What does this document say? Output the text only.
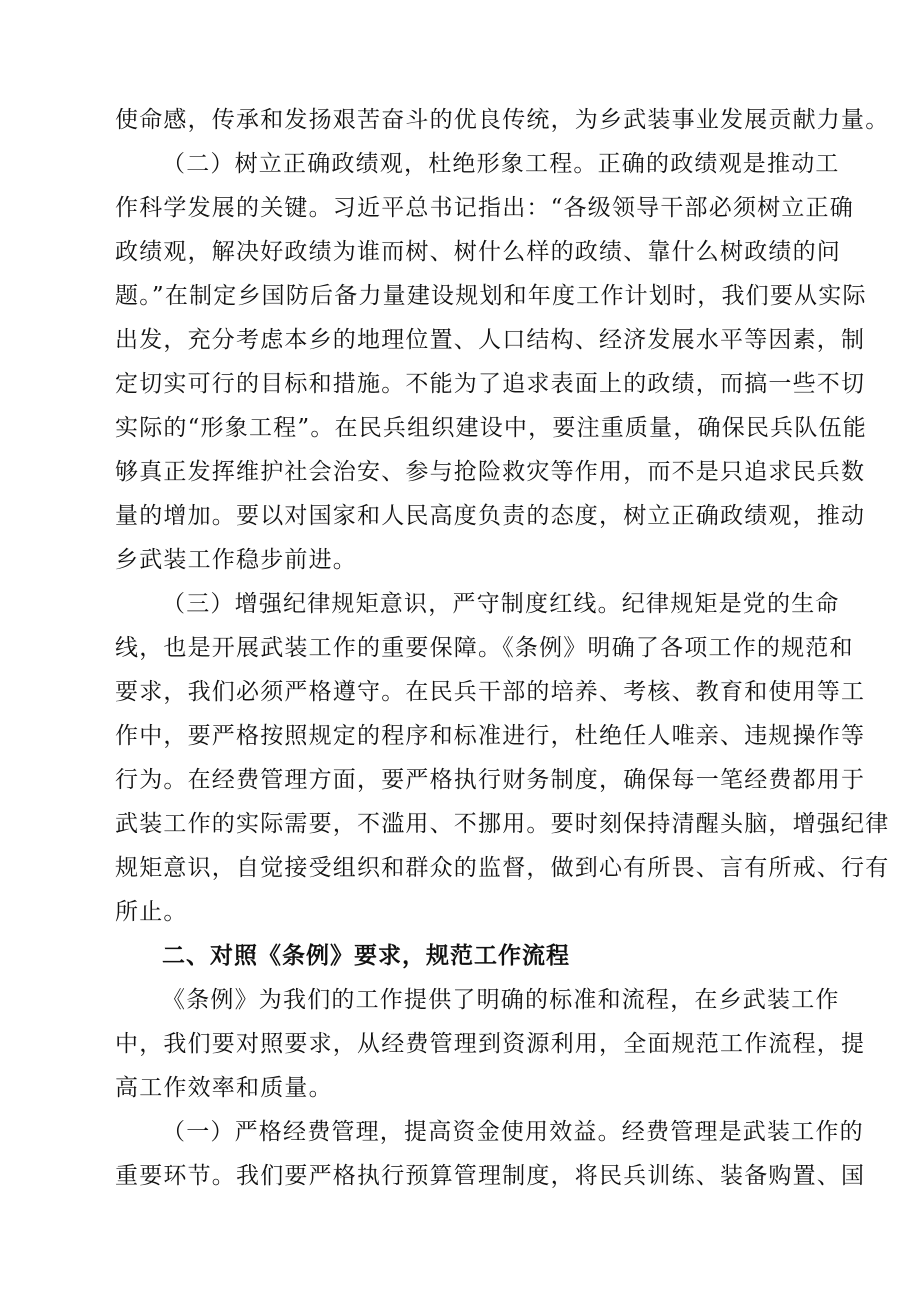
使命感，传承和发扬艰苦奋斗的优良传统，为乡武装事业发展贡献力量。
（二）树立正确政绩观，杜绝形象工程。正确的政绩观是推动工
作科学发展的关键。习近平总书记指出：“各级领导干部必须树立正确
政绩观，解决好政绩为谁而树、树什么样的政绩、靠什么树政绩的问
题。”在制定乡国防后备力量建设规划和年度工作计划时，我们要从实际
出发，充分考虑本乡的地理位置、人口结构、经济发展水平等因素，制
定切实可行的目标和措施。不能为了追求表面上的政绩，而搞一些不切
实际的“形象工程”。在民兵组织建设中，要注重质量，确保民兵队伍能
够真正发挥维护社会治安、参与抢险救灾等作用，而不是只追求民兵数
量的增加。要以对国家和人民高度负责的态度，树立正确政绩观，推动
乡武装工作稳步前进。
（三）增强纪律规矩意识，严守制度红线。纪律规矩是党的生命
线，也是开展武装工作的重要保障。《条例》明确了各项工作的规范和
要求，我们必须严格遵守。在民兵干部的培养、考核、教育和使用等工
作中，要严格按照规定的程序和标准进行，杜绝任人唯亲、违规操作等
行为。在经费管理方面，要严格执行财务制度，确保每一笔经费都用于
武装工作的实际需要，不滥用、不挪用。要时刻保持清醒头脑，增强纪律
规矩意识，自觉接受组织和群众的监督，做到心有所畏、言有所戒、行有
所止。
二、对照《条例》要求，规范工作流程
《条例》为我们的工作提供了明确的标准和流程，在乡武装工作
中，我们要对照要求，从经费管理到资源利用，全面规范工作流程，提
高工作效率和质量。
（一）严格经费管理，提高资金使用效益。经费管理是武装工作的
重要环节。我们要严格执行预算管理制度，将民兵训练、装备购置、国
